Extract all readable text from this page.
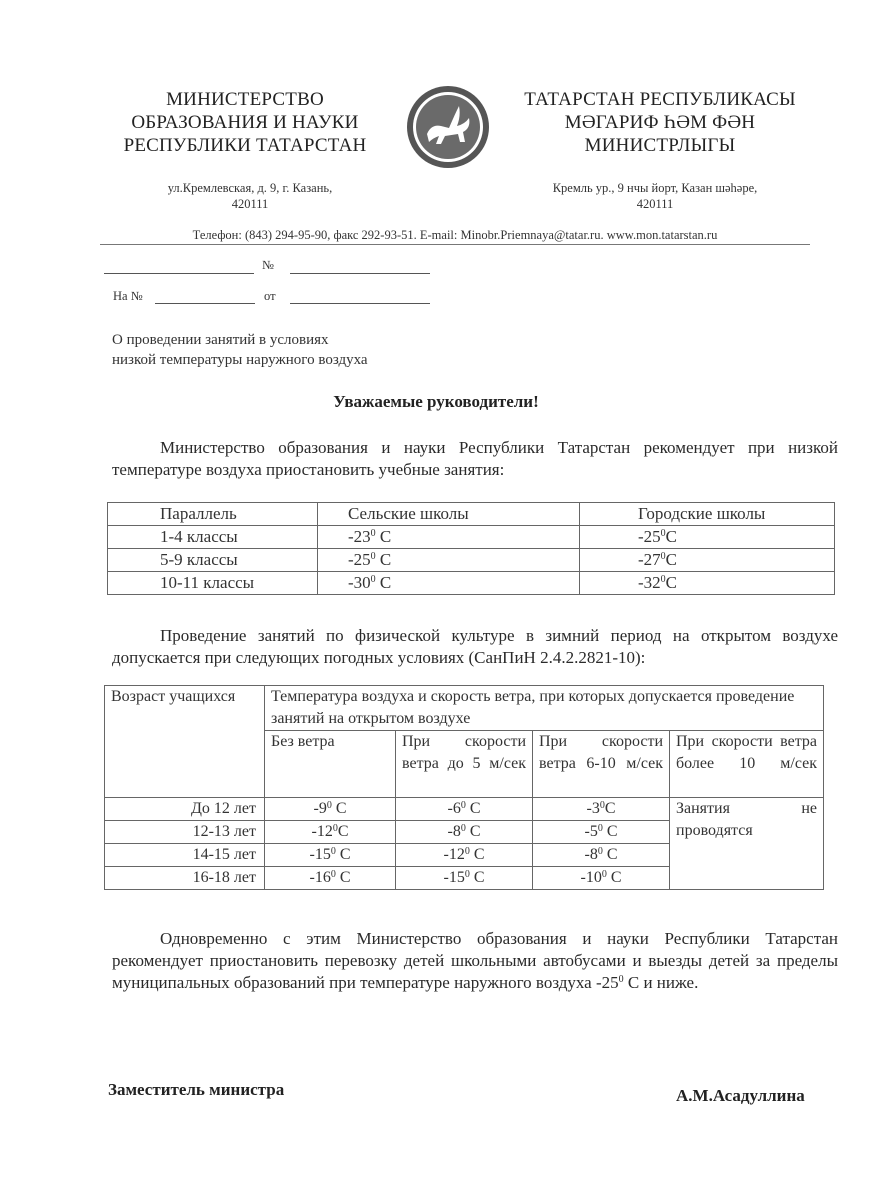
МИНИСТЕРСТВО
ОБРАЗОВАНИЯ И НАУКИ
РЕСПУБЛИКИ ТАТАРСТАН
ТАТАРСТАН РЕСПУБЛИКАСЫ
МӘГАРИФ ҺӘМ ФӘН
МИНИСТРЛЫГЫ
ул.Кремлевская, д. 9, г. Казань,
420111
Кремль ур., 9 нчы йорт, Казан шәһәре,
420111
Телефон: (843) 294-95-90, факс 292-93-51. E-mail: Minobr.Priemnaya@tatar.ru. www.mon.tatarstan.ru
№
На №	от
О проведении занятий в условиях
низкой температуры наружного воздуха
Уважаемые руководители!
Министерство образования и науки Республики Татарстан рекомендует при низкой температуре воздуха приостановить учебные занятия:
Параллель	Сельские школы	Городские школы
1-4 классы	$-23^0$ C	$-25^0C$
5-9 классы	$-25^0$ C	$-27^0C$
10-11 классы	$-30^0$ C	$-32^0C$
Проведение занятий по физической культуре в зимний период на открытом воздухе допускается при следующих погодных условиях (СанПиН 2.4.2.2821-10):
Возраст учащихся	Температура воздуха и скорость ветра, при которых допускается проведение занятий на открытом воздухе			
	Без ветра	При скорости ветра до 5 м/сек	При скорости ветра 6-10 м/сек	При скорости ветра более 10 м/сек
До 12 лет	$-9^0$ C	$-6^0$ C	$-3^0C$	Занятия не проводятся
12-13 лет	$-12^0C$	$-8^0$ C	$-5^0$ C	
14-15 лет	$-15^0$ C	$-12^0$ C	$-8^0$ C	
16-18 лет	$-16^0$ C	$-15^0$ C	$-10^0$ C	
Одновременно с этим Министерство образования и науки Республики Татарстан рекомендует приостановить перевозку детей школьными автобусами и выезды детей за пределы муниципальных образований при температуре наружного воздуха $-25^0$ С и ниже.
Заместитель министра	А.М.Асадуллина
